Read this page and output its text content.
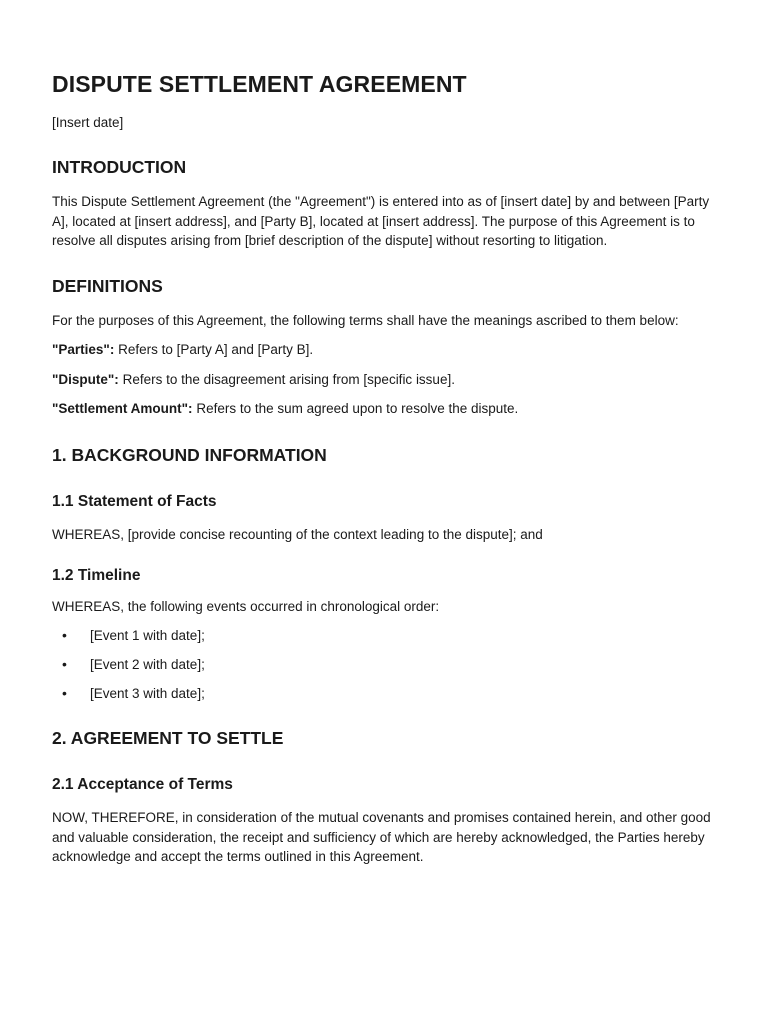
DISPUTE SETTLEMENT AGREEMENT
[Insert date]
INTRODUCTION

This Dispute Settlement Agreement (the "Agreement") is entered into as of [insert date] by and between [Party A], located at [insert address], and [Party B], located at [insert address]. The purpose of this Agreement is to resolve all disputes arising from [brief description of the dispute] without resorting to litigation.

DEFINITIONS

For the purposes of this Agreement, the following terms shall have the meanings ascribed to them below:

"Parties": Refers to [Party A] and [Party B].

"Dispute": Refers to the disagreement arising from [specific issue].

"Settlement Amount": Refers to the sum agreed upon to resolve the dispute.

1. BACKGROUND INFORMATION
1.1 Statement of Facts

WHEREAS, [provide concise recounting of the context leading to the dispute]; and

1.2 Timeline

WHEREAS, the following events occurred in chronological order:

• [Event 1 with date];
• [Event 2 with date];
• [Event 3 with date];
2. AGREEMENT TO SETTLE
2.1 Acceptance of Terms

NOW, THEREFORE, in consideration of the mutual covenants and promises contained herein, and other good and valuable consideration, the receipt and sufficiency of which are hereby acknowledged, the Parties hereby acknowledge and accept the terms outlined in this Agreement.
